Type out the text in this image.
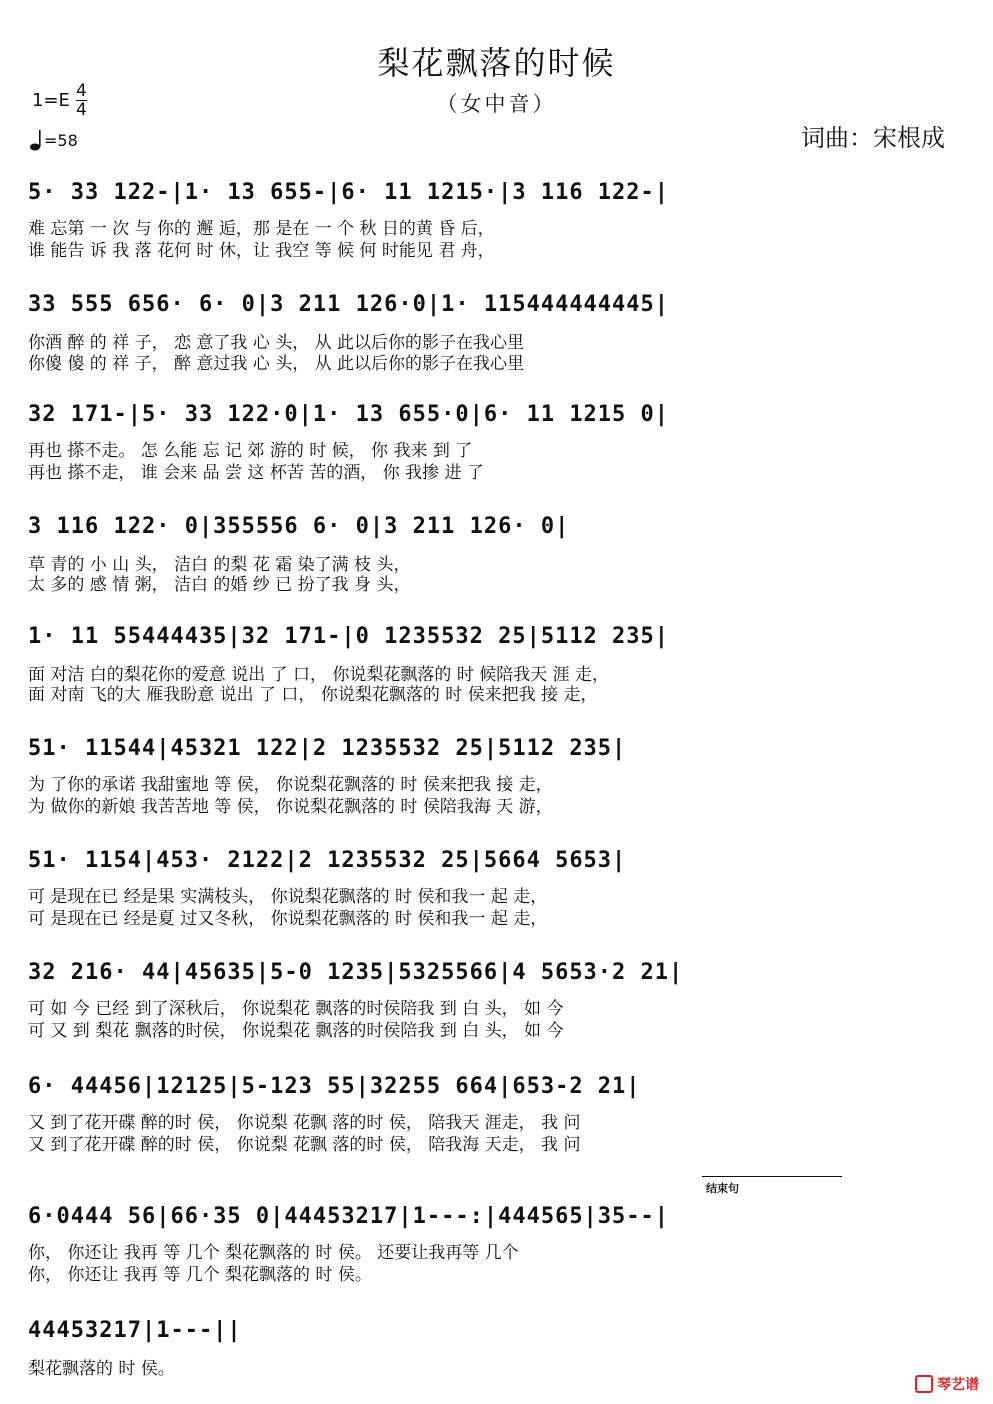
梨花飘落的时候
（女中音）
1=E 4
4
=58	词曲：宋根成
5· 33 122-|1· 13 655-|6· 11 1215·|3 116 122-|
难 忘第 一 次 与 你的 邂 逅，那 是在 一 个 秋 日的黄 昏 后，
谁 能告 诉 我 落 花何 时 休，让 我空 等 候 何 时能见 君 舟，
33 555 656· 6· 0|3 211 126·0|1· 115444444445|
你酒 醉 的 祥 子， 恋 意了我 心 头， 从 此以后你的影子在我心里
你傻 傻 的 祥 子， 醉 意过我 心 头， 从 此以后你的影子在我心里
32 171-|5· 33 122·0|1· 13 655·0|6· 11 1215 0|
再也 搽不走。 怎 么能 忘 记 郊 游的 时 候， 你 我来 到 了
再也 搽不走， 谁 会来 品 尝 这 杯苦 苦的酒， 你 我掺 进 了
3 116 122· 0|355556 6· 0|3 211 126· 0|
草 青的 小 山 头， 洁白 的梨 花 霜 染了满 枝 头，
太 多的 感 情 粥， 洁白 的婚 纱 已 扮了我 身 头，
1· 11 55444435|32 171-|0 1235532 25|5112 235|
面 对洁 白的梨花你的爱意 说出 了 口， 你说梨花飘落的 时 候陪我天 涯 走，
面 对南 飞的大 雁我盼意 说出 了 口， 你说梨花飘落的 时 侯来把我 接 走，
51· 11544|45321 122|2 1235532 25|5112 235|
为 了你的承诺 我甜蜜地 等 侯， 你说梨花飘落的 时 侯来把我 接 走，
为 做你的新娘 我苦苦地 等 侯， 你说梨花飘落的 时 侯陪我海 天 游，
51· 1154|453· 2122|2 1235532 25|5664 5653|
可 是现在已 经是果 实满枝头， 你说梨花飘落的 时 侯和我一 起 走，
可 是现在已 经是夏 过又冬秋， 你说梨花飘落的 时 侯和我一 起 走，
32 216· 44|45635|5-0 1235|5325566|4 5653·2 21|
可 如 今 已经 到了深秋后， 你说梨花 飘落的时侯陪我 到 白 头， 如 今
可 又 到 梨花 飘落的时侯， 你说梨花 飘落的时侯陪我 到 白 头， 如 今
6· 44456|12125|5-123 55|32255 664|653-2 21|
又 到了花开碟 醉的时 侯， 你说梨 花飘 落的时 侯， 陪我天 涯走， 我 问
又 到了花开碟 醉的时 侯， 你说梨 花飘 落的时 侯， 陪我海 天走， 我 问
结束句
6·0444 56|66·35 0|44453217|1---:|444565|35--|
你， 你还让 我再 等 几个 梨花飘落的 时 侯。 还要让我再等 几个
你， 你还让 我再 等 几个 梨花飘落的 时 侯。
44453217|1---||
梨花飘落的 时 侯。
琴艺谱
